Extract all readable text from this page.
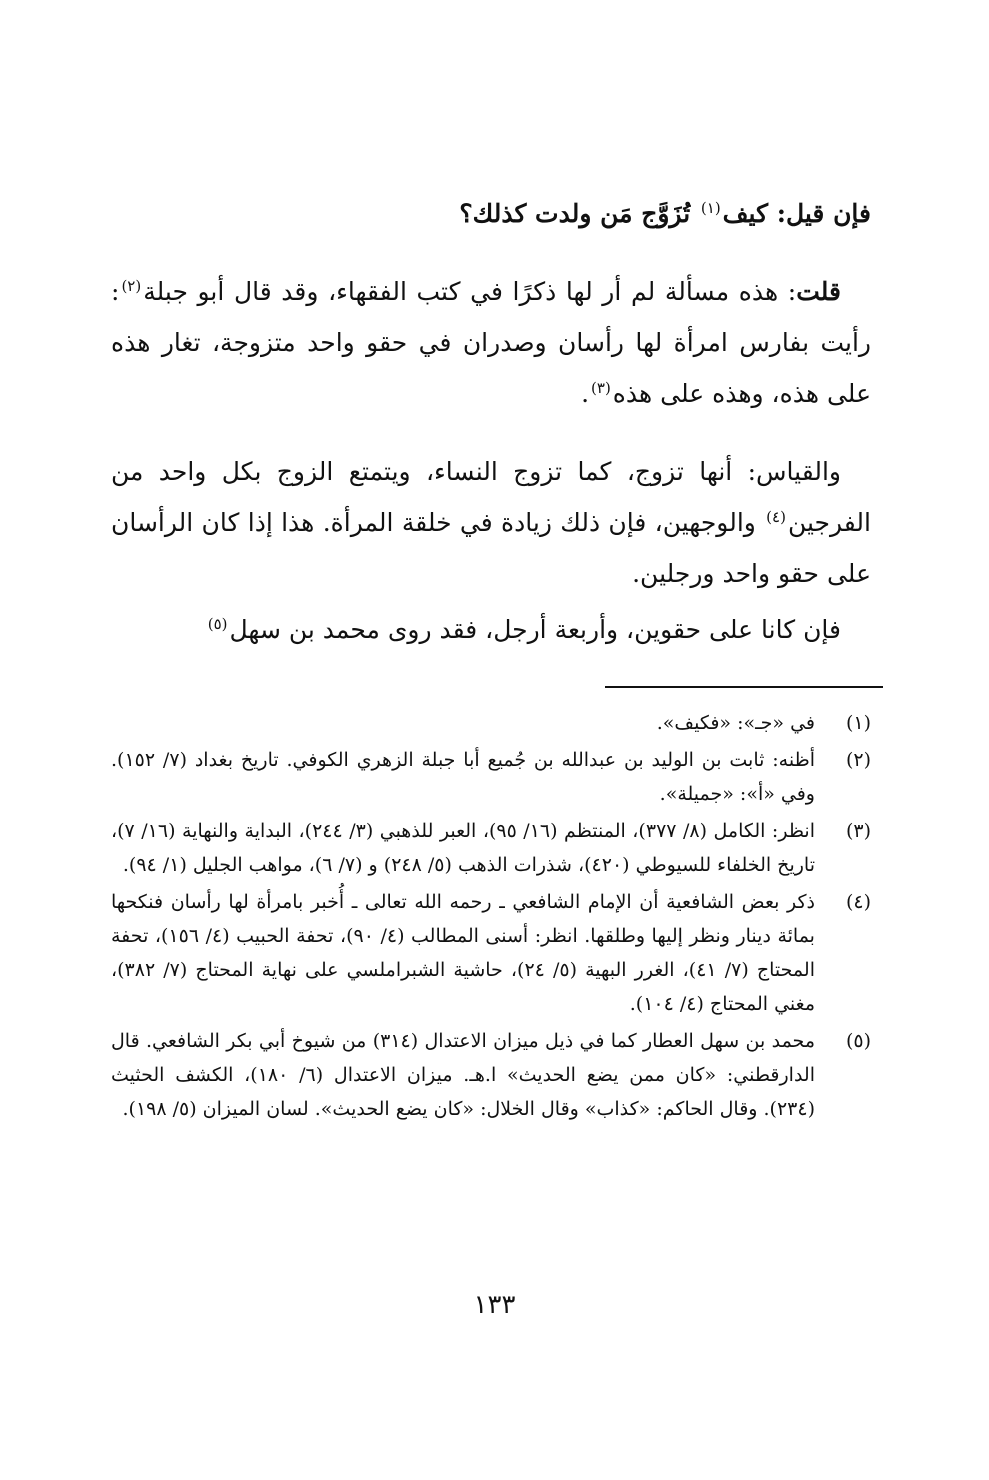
فإن قيل: كيف$^{(١)}$ تُزَوَّج مَن ولدت كذلك؟

قلت: هذه مسألة لم أر لها ذكرًا في كتب الفقهاء، وقد قال أبو جبلة$^{(٢)}$: رأيت بفارس امرأة لها رأسان وصدران في حقو واحد متزوجة، تغار هذه على هذه، وهذه على هذه$^{(٣)}$.

والقياس: أنها تزوج، كما تزوج النساء، ويتمتع الزوج بكل واحد من الفرجين$^{(٤)}$ والوجهين، فإن ذلك زيادة في خلقة المرأة. هذا إذا كان الرأسان على حقو واحد ورجلين.

فإن كانا على حقوين، وأربعة أرجل، فقد روى محمد بن سهل$^{(٥)}$

(١)
في «جـ»: «فكيف».
(٢)
أظنه: ثابت بن الوليد بن عبدالله بن جُميع أبا جبلة الزهري الكوفي. تاريخ بغداد (٧/ ١٥٢). وفي «أ»: «جميلة».
(٣)
انظر: الكامل (٨/ ٣٧٧)، المنتظم (١٦/ ٩٥)، العبر للذهبي (٣/ ٢٤٤)، البداية والنهاية (١٦/ ٧)، تاريخ الخلفاء للسيوطي (٤٢٠)، شذرات الذهب (٥/ ٢٤٨) و (٧/ ٦)، مواهب الجليل (١/ ٩٤).
(٤)
ذكر بعض الشافعية أن الإمام الشافعي ـ رحمه الله تعالى ـ أُخبر بامرأة لها رأسان فنكحها بمائة دينار ونظر إليها وطلقها. انظر: أسنى المطالب (٤/ ٩٠)، تحفة الحبيب (٤/ ١٥٦)، تحفة المحتاج (٧/ ٤١)، الغرر البهية (٥/ ٢٤)، حاشية الشبراملسي على نهاية المحتاج (٧/ ٣٨٢)، مغني المحتاج (٤/ ١٠٤).
(٥)
محمد بن سهل العطار كما في ذيل ميزان الاعتدال (٣١٤) من شيوخ أبي بكر الشافعي. قال الدارقطني: «كان ممن يضع الحديث» ا.هـ. ميزان الاعتدال (٦/ ١٨٠)، الكشف الحثيث (٢٣٤). وقال الحاكم: «كذاب» وقال الخلال: «كان يضع الحديث». لسان الميزان (٥/ ١٩٨).
١٣٣
